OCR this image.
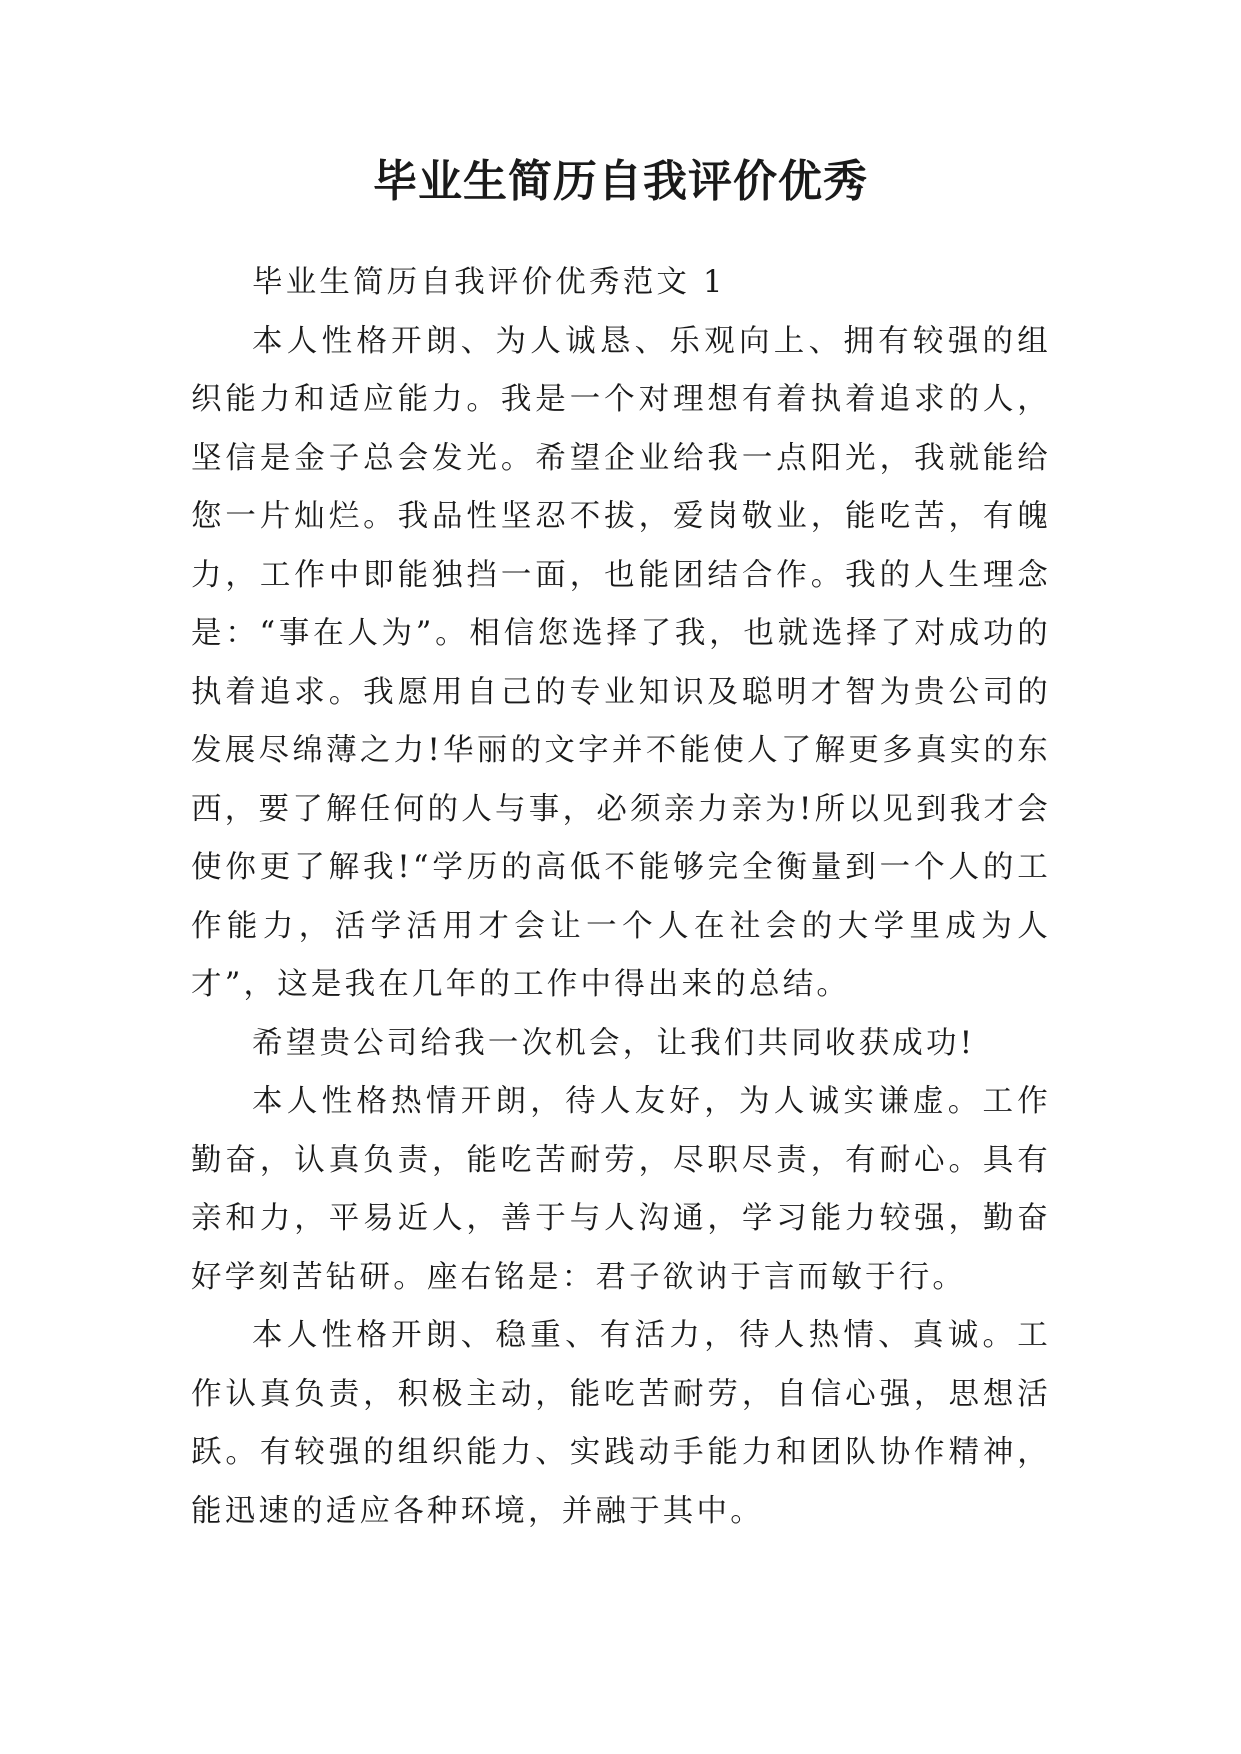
毕业生简历自我评价优秀

毕业生简历自我评价优秀范文 1

本人性格开朗、为人诚恳、乐观向上、拥有较强的组织能力和适应能力。我是一个对理想有着执着追求的人，坚信是金子总会发光。希望企业给我一点阳光，我就能给您一片灿烂。我品性坚忍不拔，爱岗敬业，能吃苦，有魄力，工作中即能独挡一面，也能团结合作。我的人生理念是：“事在人为”。相信您选择了我，也就选择了对成功的执着追求。我愿用自己的专业知识及聪明才智为贵公司的发展尽绵薄之力!华丽的文字并不能使人了解更多真实的东西，要了解任何的人与事，必须亲力亲为!所以见到我才会使你更了解我!“学历的高低不能够完全衡量到一个人的工作能力，活学活用才会让一个人在社会的大学里成为人才”，这是我在几年的工作中得出来的总结。

希望贵公司给我一次机会，让我们共同收获成功!

本人性格热情开朗，待人友好，为人诚实谦虚。工作勤奋，认真负责，能吃苦耐劳，尽职尽责，有耐心。具有亲和力，平易近人，善于与人沟通，学习能力较强，勤奋好学刻苦钻研。座右铭是：君子欲讷于言而敏于行。

本人性格开朗、稳重、有活力，待人热情、真诚。工作认真负责，积极主动，能吃苦耐劳，自信心强，思想活跃。有较强的组织能力、实践动手能力和团队协作精神，能迅速的适应各种环境，并融于其中。
